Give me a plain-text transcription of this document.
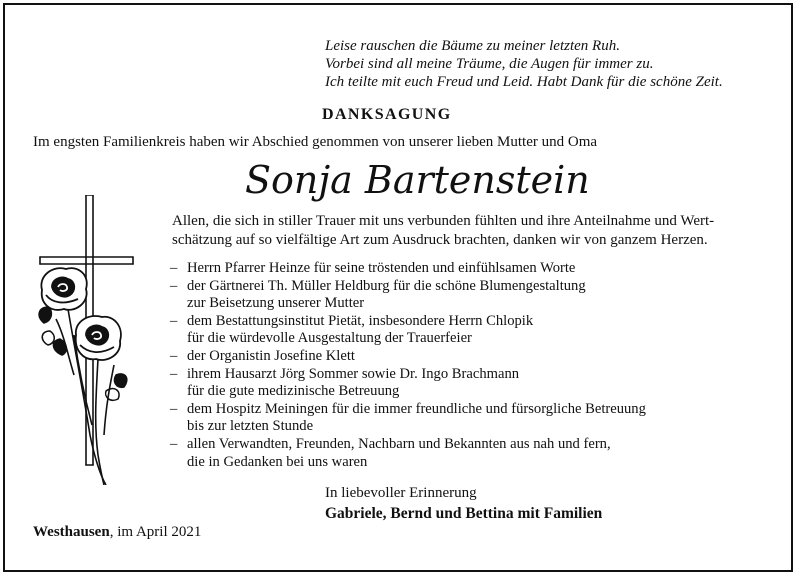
Leise rauschen die Bäume zu meiner letzten Ruh.
Vorbei sind all meine Träume, die Augen für immer zu.
Ich teilte mit euch Freud und Leid. Habt Dank für die schöne Zeit.
DANKSAGUNG
Im engsten Familienkreis haben wir Abschied genommen von unserer lieben Mutter und Oma
Sonja Bartenstein
Allen, die sich in stiller Trauer mit uns verbunden fühlten und ihre Anteilnahme und Wert-
schätzung auf so vielfältige Art zum Ausdruck brachten, danken wir von ganzem Herzen.
– Herrn Pfarrer Heinze für seine tröstenden und einfühlsamen Worte
– der Gärtnerei Th. Müller Heldburg für die schöne Blumengestaltung
zur Beisetzung unserer Mutter
– dem Bestattungsinstitut Pietät, insbesondere Herrn Chlopik
für die würdevolle Ausgestaltung der Trauerfeier
– der Organistin Josefine Klett
– ihrem Hausarzt Jörg Sommer sowie Dr. Ingo Brachmann
für die gute medizinische Betreuung
– dem Hospitz Meiningen für die immer freundliche und fürsorgliche Betreuung
bis zur letzten Stunde
– allen Verwandten, Freunden, Nachbarn und Bekannten aus nah und fern,
die in Gedanken bei uns waren
In liebevoller Erinnerung
Gabriele, Bernd und Bettina mit Familien
Westhausen, im April 2021
